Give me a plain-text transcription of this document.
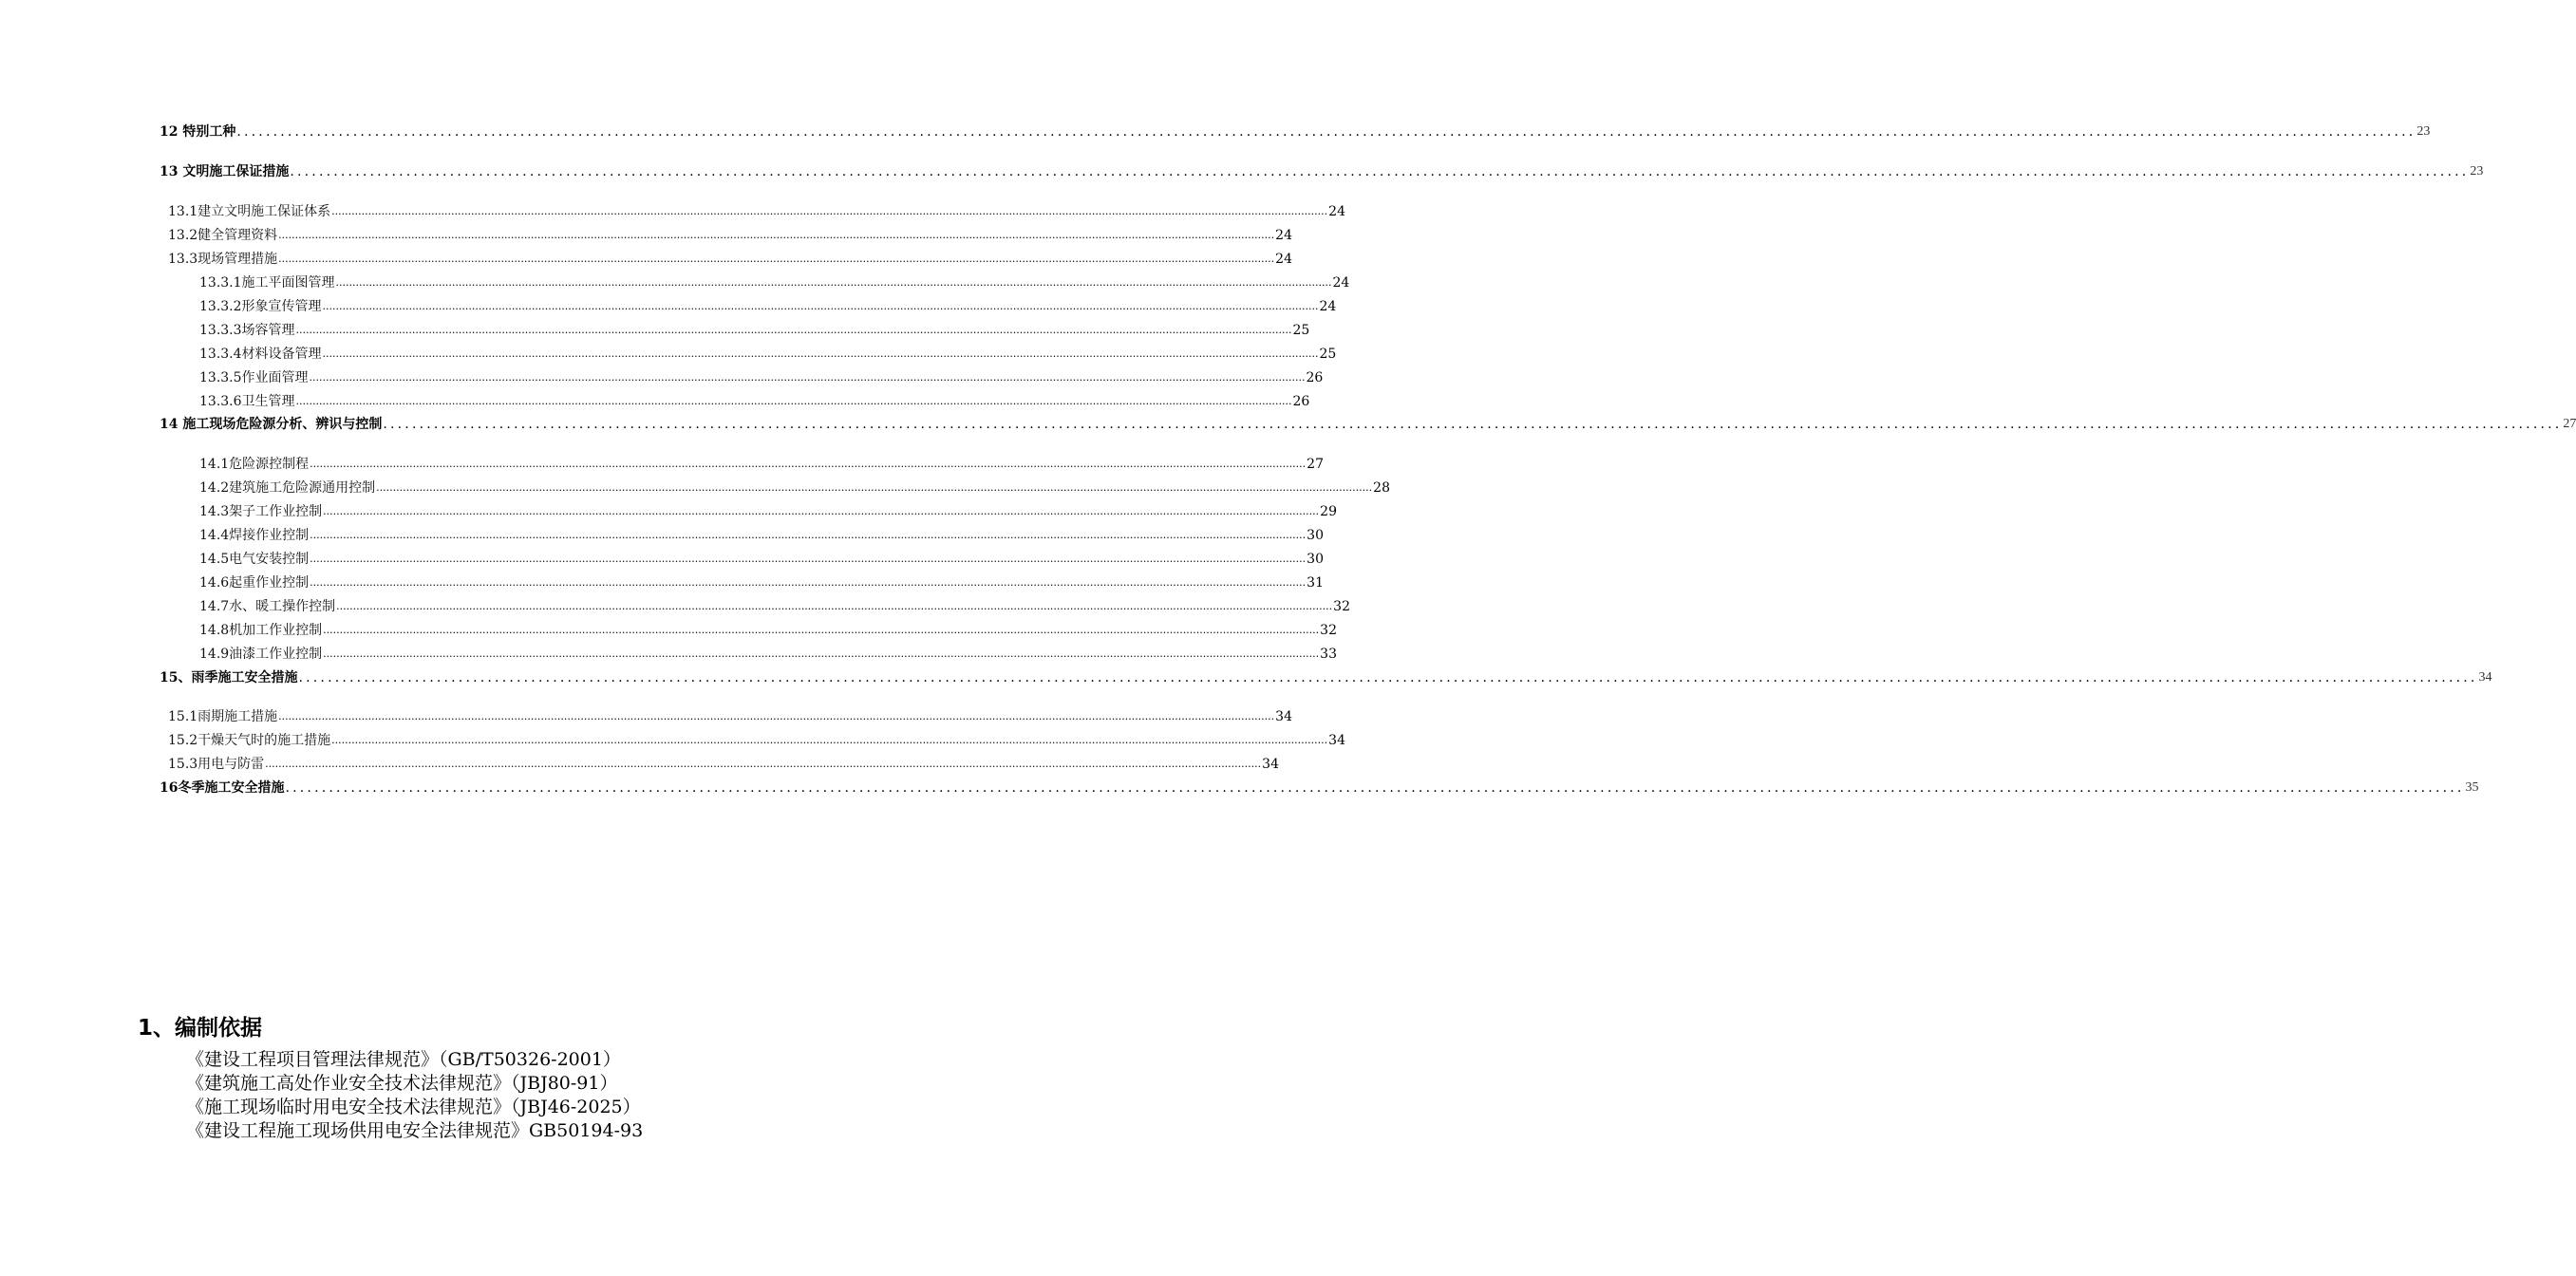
12 特别工种 ............................................................................................................................................................................................................................................................................................................ 23
13 文明施工保证措施 ............................................................................................................................................................................................................................................................................................................ 23
13.1建立文明施工保证体系 ............................................................................................................................................................................................................................................................................................................ 24
13.2健全管理资料 ............................................................................................................................................................................................................................................................................................................ 24
13.3现场管理措施 ............................................................................................................................................................................................................................................................................................................ 24
13.3.1施工平面图管理 ............................................................................................................................................................................................................................................................................................................ 24
13.3.2形象宣传管理 ............................................................................................................................................................................................................................................................................................................ 24
13.3.3场容管理 ............................................................................................................................................................................................................................................................................................................ 25
13.3.4材料设备管理 ............................................................................................................................................................................................................................................................................................................ 25
13.3.5作业面管理 ............................................................................................................................................................................................................................................................................................................ 26
13.3.6卫生管理 ............................................................................................................................................................................................................................................................................................................ 26
14 施工现场危险源分析、辨识与控制 ............................................................................................................................................................................................................................................................................................................ 27
14.1危险源控制程 ............................................................................................................................................................................................................................................................................................................ 27
14.2建筑施工危险源通用控制 ............................................................................................................................................................................................................................................................................................................ 28
14.3架子工作业控制 ............................................................................................................................................................................................................................................................................................................ 29
14.4焊接作业控制 ............................................................................................................................................................................................................................................................................................................ 30
14.5电气安装控制 ............................................................................................................................................................................................................................................................................................................ 30
14.6起重作业控制 ............................................................................................................................................................................................................................................................................................................ 31
14.7水、暖工操作控制 ............................................................................................................................................................................................................................................................................................................ 32
14.8机加工作业控制 ............................................................................................................................................................................................................................................................................................................ 32
14.9油漆工作业控制 ............................................................................................................................................................................................................................................................................................................ 33
15、雨季施工安全措施 ............................................................................................................................................................................................................................................................................................................ 34
15.1雨期施工措施 ............................................................................................................................................................................................................................................................................................................ 34
15.2干燥天气时的施工措施 ............................................................................................................................................................................................................................................................................................................ 34
15.3用电与防雷 ............................................................................................................................................................................................................................................................................................................ 34
16冬季施工安全措施 ............................................................................................................................................................................................................................................................................................................ 35
1、编制依据
《建设工程项目管理法律规范》（GB/T50326-2001）
《建筑施工高处作业安全技术法律规范》（JBJ80-91）
《施工现场临时用电安全技术法律规范》（JBJ46-2025）
《建设工程施工现场供用电安全法律规范》GB50194-93
